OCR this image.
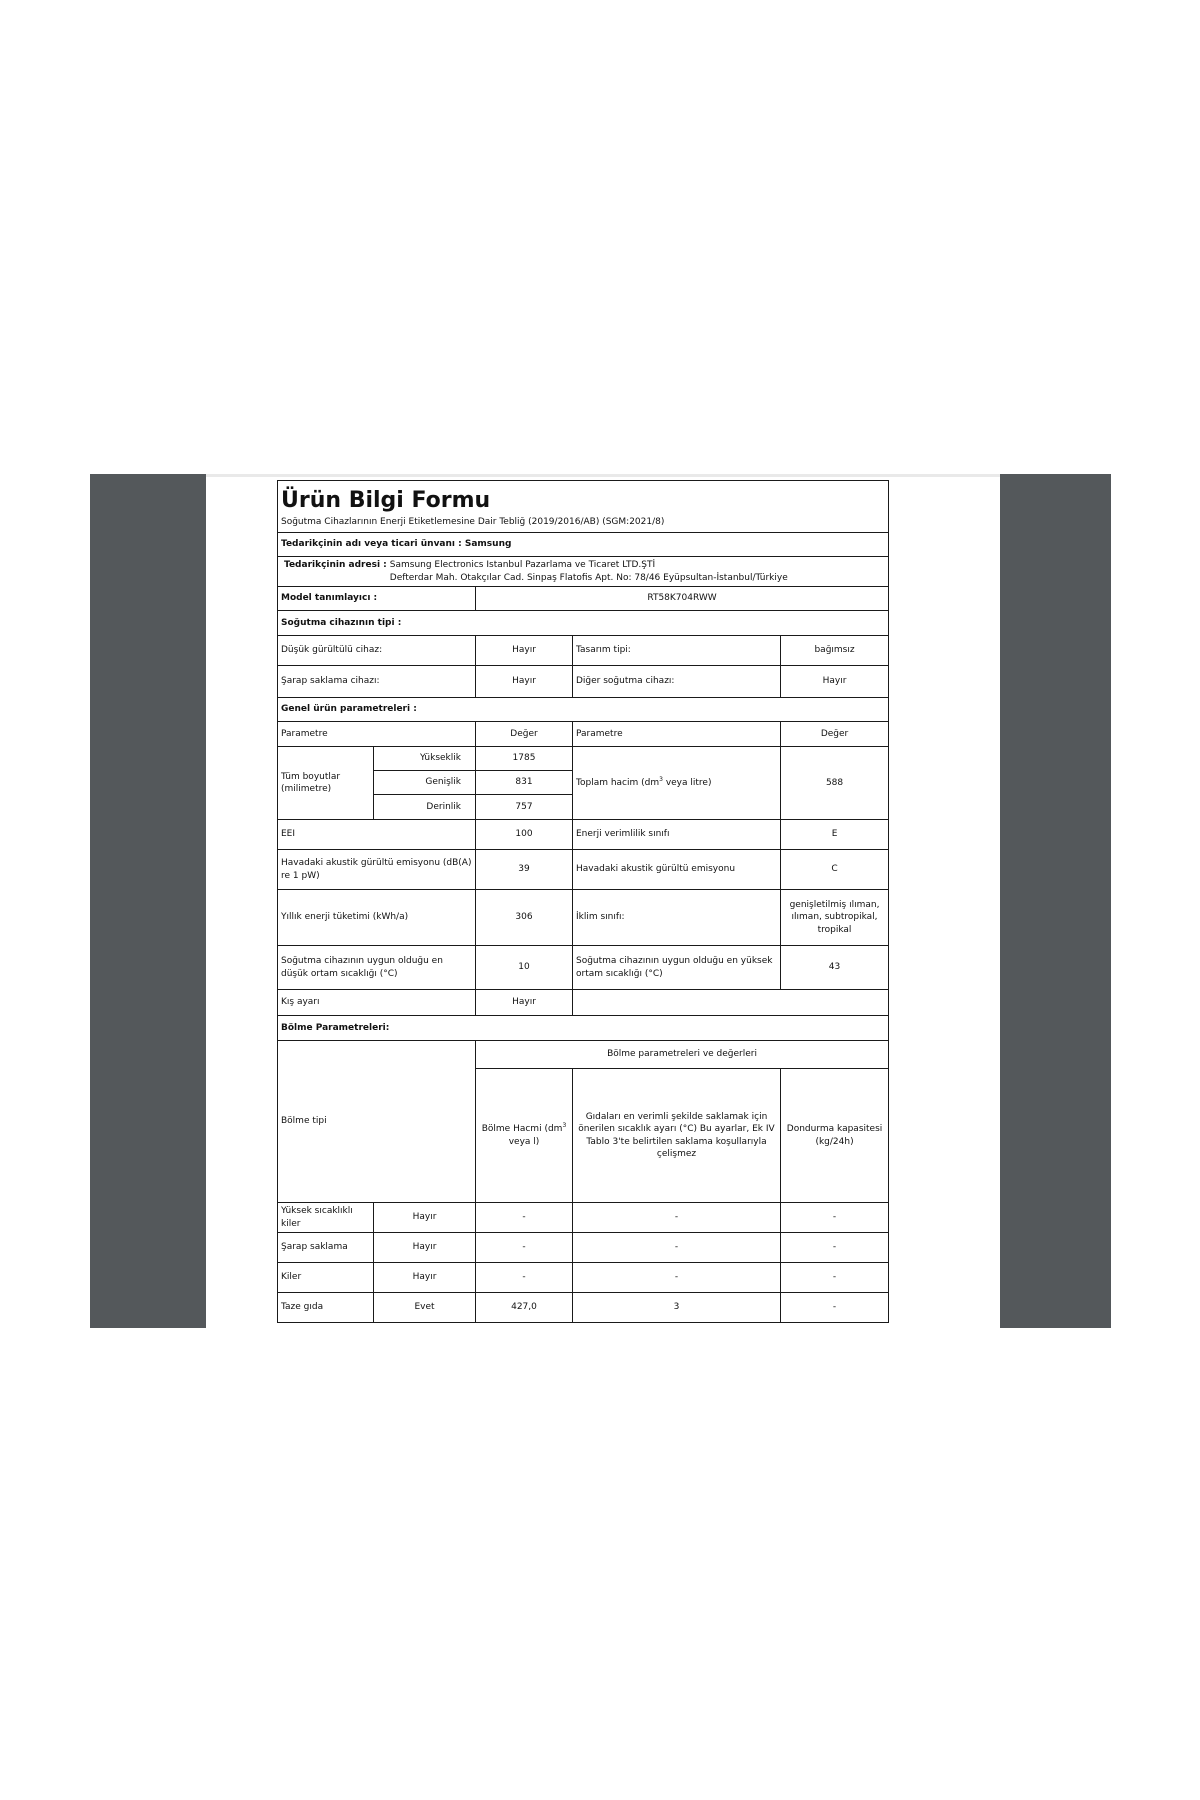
Ürün Bilgi Formu
Soğutma Cihazlarının Enerji Etiketlemesine Dair Tebliğ (2019/2016/AB) (SGM:2021/8)					

Tedarikçinin adı veya ticari ünvanı : Samsung					

Tedarikçinin adresi : Samsung Electronics Istanbul Pazarlama ve Ticaret LTD.ŞTİ
Defterdar Mah. Otakçılar Cad. Sinpaş Flatofis Apt. No: 78/46 Eyüpsultan-İstanbul/Türkiye					

Model tanımlayıcı :		RT58K704RWW			
Soğutma cihazının tipi :					
Düşük gürültülü cihaz:		Hayır	Tasarım tipi:	bağımsız	
Şarap saklama cihazı:		Hayır	Diğer soğutma cihazı:	Hayır	
Genel ürün parametreleri :					
Parametre		Değer	Parametre	Değer	
Tüm boyutlar (milimetre)	Yükseklik	1785	Toplam hacim ($dm^3$ veya litre)	588	
	Genişlik	831			
	Derinlik	757			
EEI		100	Enerji verimlilik sınıfı	E	
Havadaki akustik gürültü emisyonu (dB(A) re 1 pW)		39	Havadaki akustik gürültü emisyonu	C	
Yıllık enerji tüketimi (kWh/a)		306	İklim sınıfı:	genişletilmiş ılıman, ılıman, subtropikal, tropikal	
Soğutma cihazının uygun olduğu en düşük ortam sıcaklığı (°C)		10	Soğutma cihazının uygun olduğu en yüksek ortam sıcaklığı (°C)	43	
Kış ayarı		Hayır			
Bölme Parametreleri:					
Bölme tipi		Bölme parametreleri ve değerleri			
		Bölme Hacmi ($dm^3$ veya l)	Gıdaları en verimli şekilde saklamak için önerilen sıcaklık ayarı (°C) Bu ayarlar, Ek IV Tablo 3'te belirtilen saklama koşullarıyla çelişmez	Dondurma kapasitesi (kg/24h)	
Yüksek sıcaklıklı kiler	Hayır	-	-	-	
Şarap saklama	Hayır	-	-	-	
Kiler	Hayır	-	-	-	
Taze gıda	Evet	427,0	3	-	
